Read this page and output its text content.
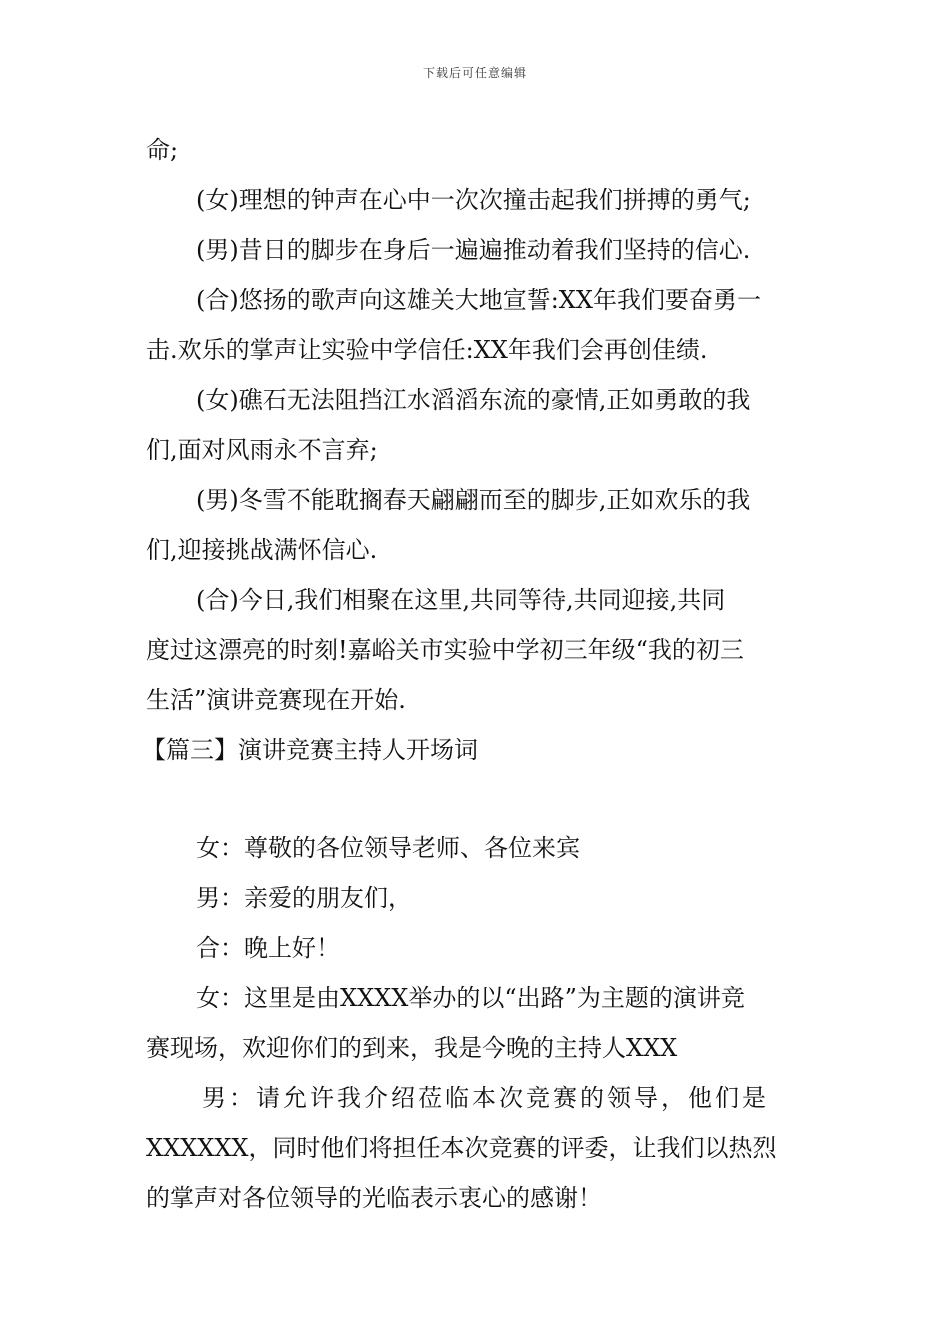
下载后可任意编辑
命;
(女)理想的钟声在心中一次次撞击起我们拼搏的勇气;
(男)昔日的脚步在身后一遍遍推动着我们坚持的信心.
(合)悠扬的歌声向这雄关大地宣誓:XX年我们要奋勇一
击.欢乐的掌声让实验中学信任:XX年我们会再创佳绩.
(女)礁石无法阻挡江水滔滔东流的豪情,正如勇敢的我
们,面对风雨永不言弃;
(男)冬雪不能耽搁春天翩翩而至的脚步,正如欢乐的我
们,迎接挑战满怀信心.
(合)今日,我们相聚在这里,共同等待,共同迎接,共同
度过这漂亮的时刻!嘉峪关市实验中学初三年级“我的初三
生活”演讲竞赛现在开始.
【篇三】演讲竞赛主持人开场词
女：尊敬的各位领导老师、各位来宾
男：亲爱的朋友们，
合：晚上好！
女：这里是由XXXX举办的以“出路”为主题的演讲竞
赛现场，欢迎你们的到来，我是今晚的主持人XXX
男：请允许我介绍莅临本次竞赛的领导，他们是
XXXXXX，同时他们将担任本次竞赛的评委，让我们以热烈
的掌声对各位领导的光临表示衷心的感谢！
